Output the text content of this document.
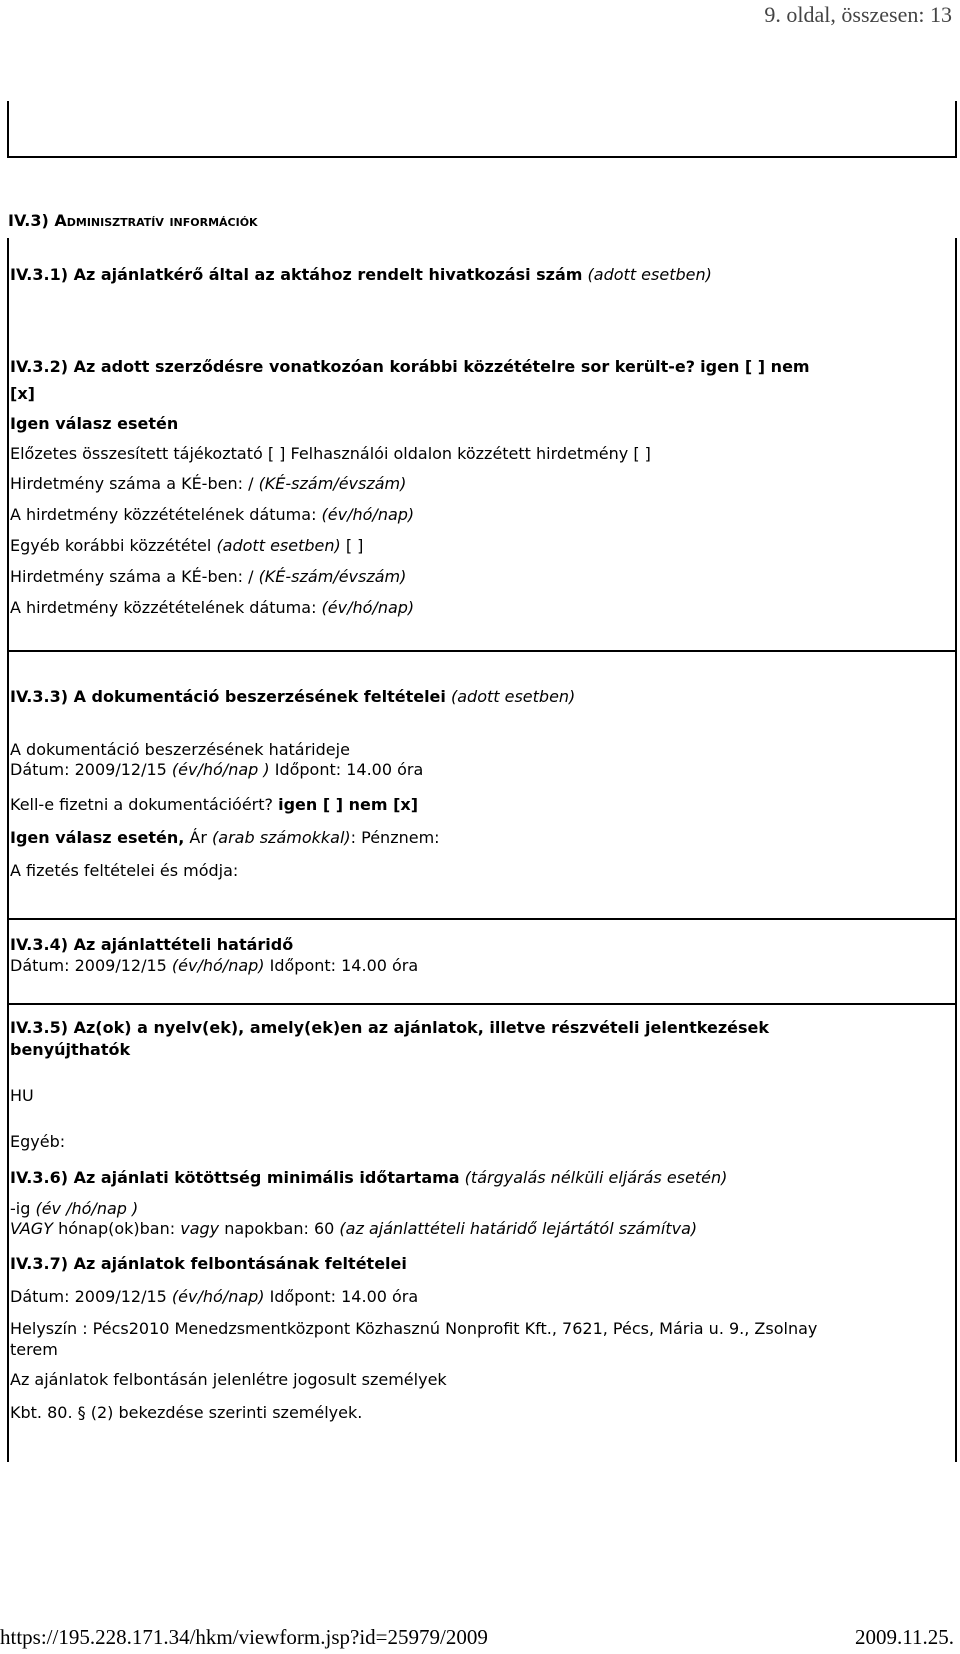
9. oldal, összesen: 13
IV.3) Adminisztratív információk
IV.3.1) Az ajánlatkérő által az aktához rendelt hivatkozási szám (adott esetben)
IV.3.2) Az adott szerződésre vonatkozóan korábbi közzétételre sor került-e? igen [ ] nem
[x]
Igen válasz esetén
Előzetes összesített tájékoztató [ ] Felhasználói oldalon közzétett hirdetmény [ ]
Hirdetmény száma a KÉ-ben: / (KÉ-szám/évszám)
A hirdetmény közzétételének dátuma: (év/hó/nap)
Egyéb korábbi közzététel (adott esetben) [ ]
Hirdetmény száma a KÉ-ben: / (KÉ-szám/évszám)
A hirdetmény közzétételének dátuma: (év/hó/nap)
IV.3.3) A dokumentáció beszerzésének feltételei (adott esetben)
A dokumentáció beszerzésének határideje
Dátum: 2009/12/15 (év/hó/nap ) Időpont: 14.00 óra
Kell-e fizetni a dokumentációért? igen [ ] nem [x]
Igen válasz esetén, Ár (arab számokkal): Pénznem:
A fizetés feltételei és módja:
IV.3.4) Az ajánlattételi határidő
Dátum: 2009/12/15 (év/hó/nap) Időpont: 14.00 óra
IV.3.5) Az(ok) a nyelv(ek), amely(ek)en az ajánlatok, illetve részvételi jelentkezések
benyújthatók
HU
Egyéb:
IV.3.6) Az ajánlati kötöttség minimális időtartama (tárgyalás nélküli eljárás esetén)
-ig (év /hó/nap )
VAGY hónap(ok)ban: vagy napokban: 60 (az ajánlattételi határidő lejártától számítva)
IV.3.7) Az ajánlatok felbontásának feltételei
Dátum: 2009/12/15 (év/hó/nap) Időpont: 14.00 óra
Helyszín : Pécs2010 Menedzsmentközpont Közhasznú Nonprofit Kft., 7621, Pécs, Mária u. 9., Zsolnay
terem
Az ajánlatok felbontásán jelenlétre jogosult személyek
Kbt. 80. § (2) bekezdése szerinti személyek.
https://195.228.171.34/hkm/viewform.jsp?id=25979/2009	2009.11.25.
